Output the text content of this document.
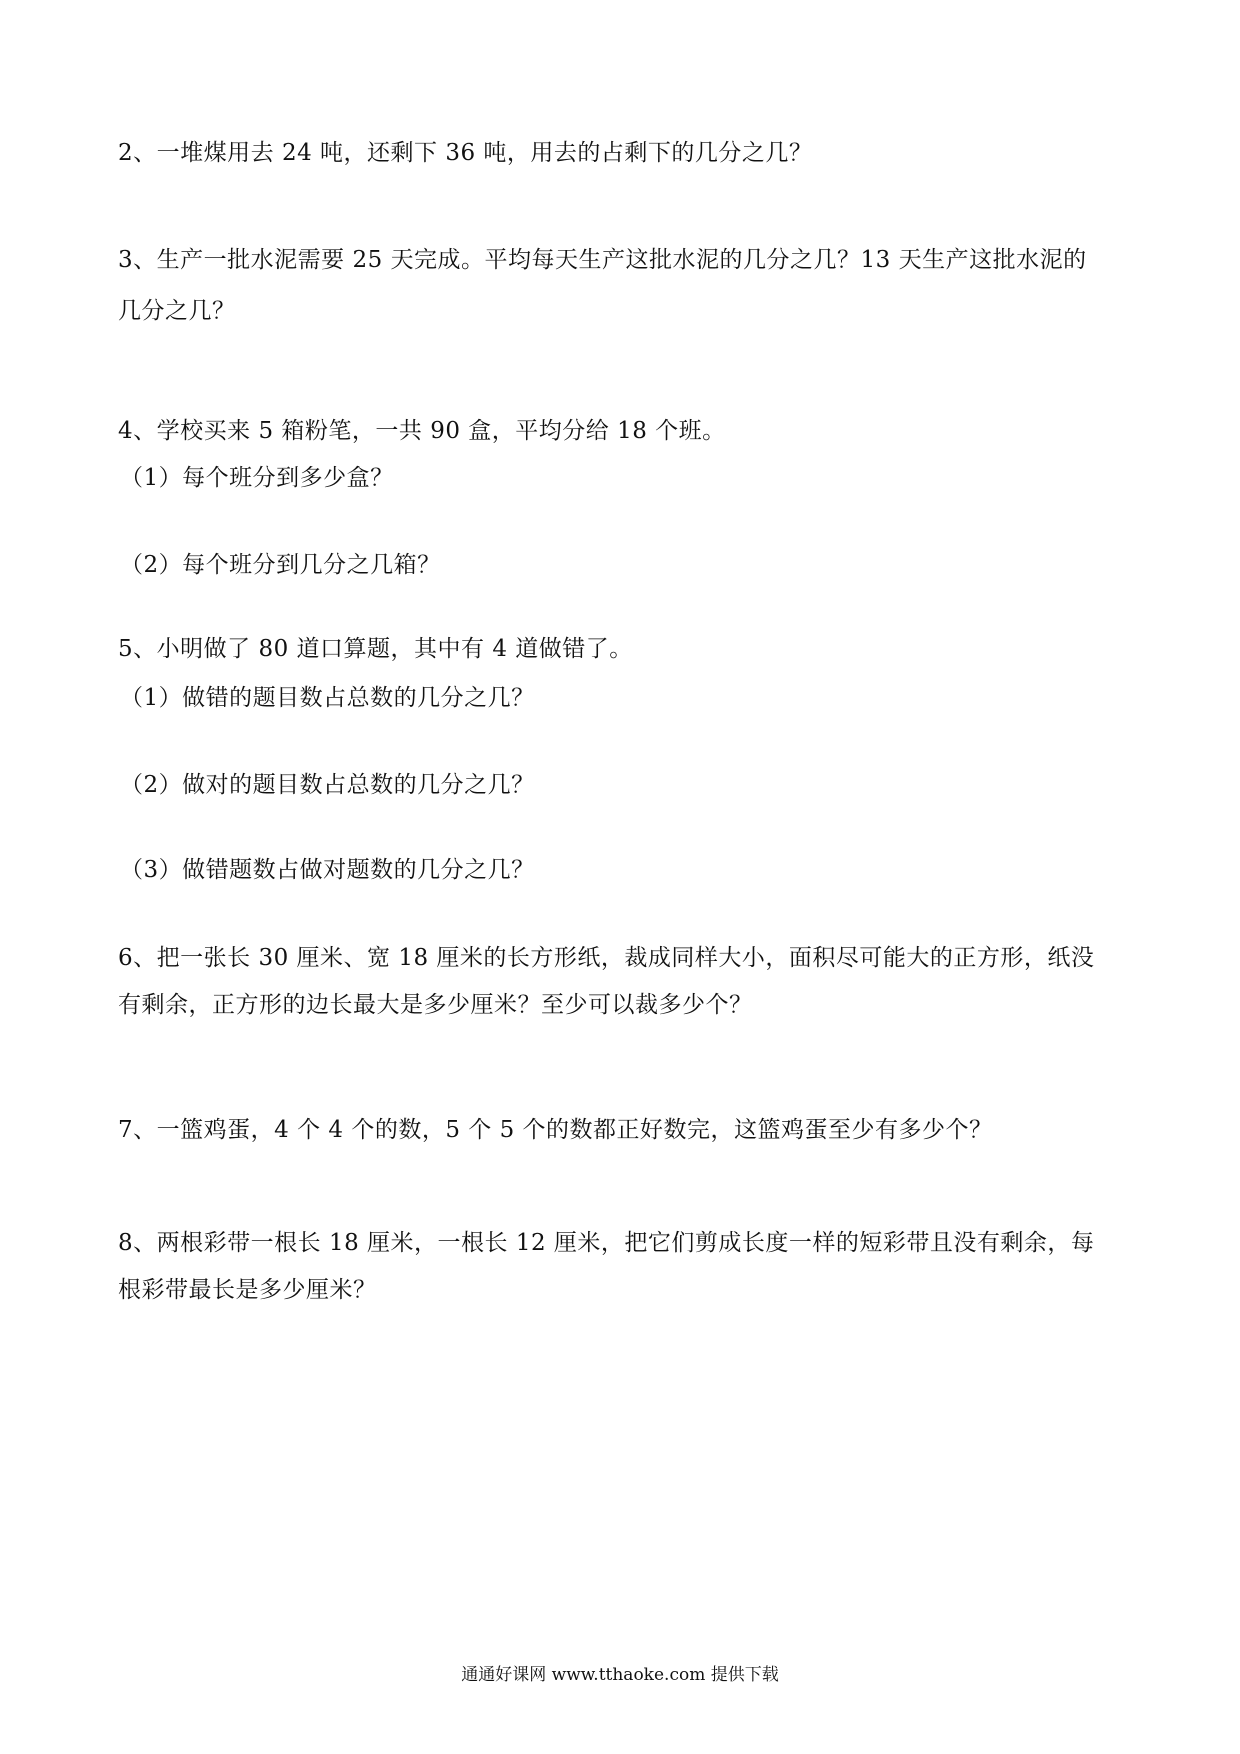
2、一堆煤用去 24 吨，还剩下 36 吨，用去的占剩下的几分之几？
3、生产一批水泥需要 25 天完成。平均每天生产这批水泥的几分之几？13 天生产这批水泥的
几分之几？
4、学校买来 5 箱粉笔，一共 90 盒，平均分给 18 个班。
（1）每个班分到多少盒？
（2）每个班分到几分之几箱？
5、小明做了 80 道口算题，其中有 4 道做错了。
（1）做错的题目数占总数的几分之几？
（2）做对的题目数占总数的几分之几？
（3）做错题数占做对题数的几分之几？
6、把一张长 30 厘米、宽 18 厘米的长方形纸，裁成同样大小，面积尽可能大的正方形，纸没
有剩余，正方形的边长最大是多少厘米？至少可以裁多少个？
7、一篮鸡蛋，4 个 4 个的数，5 个 5 个的数都正好数完，这篮鸡蛋至少有多少个？
8、两根彩带一根长 18 厘米，一根长 12 厘米，把它们剪成长度一样的短彩带且没有剩余，每
根彩带最长是多少厘米？
通通好课网 www.tthaoke.com 提供下载
